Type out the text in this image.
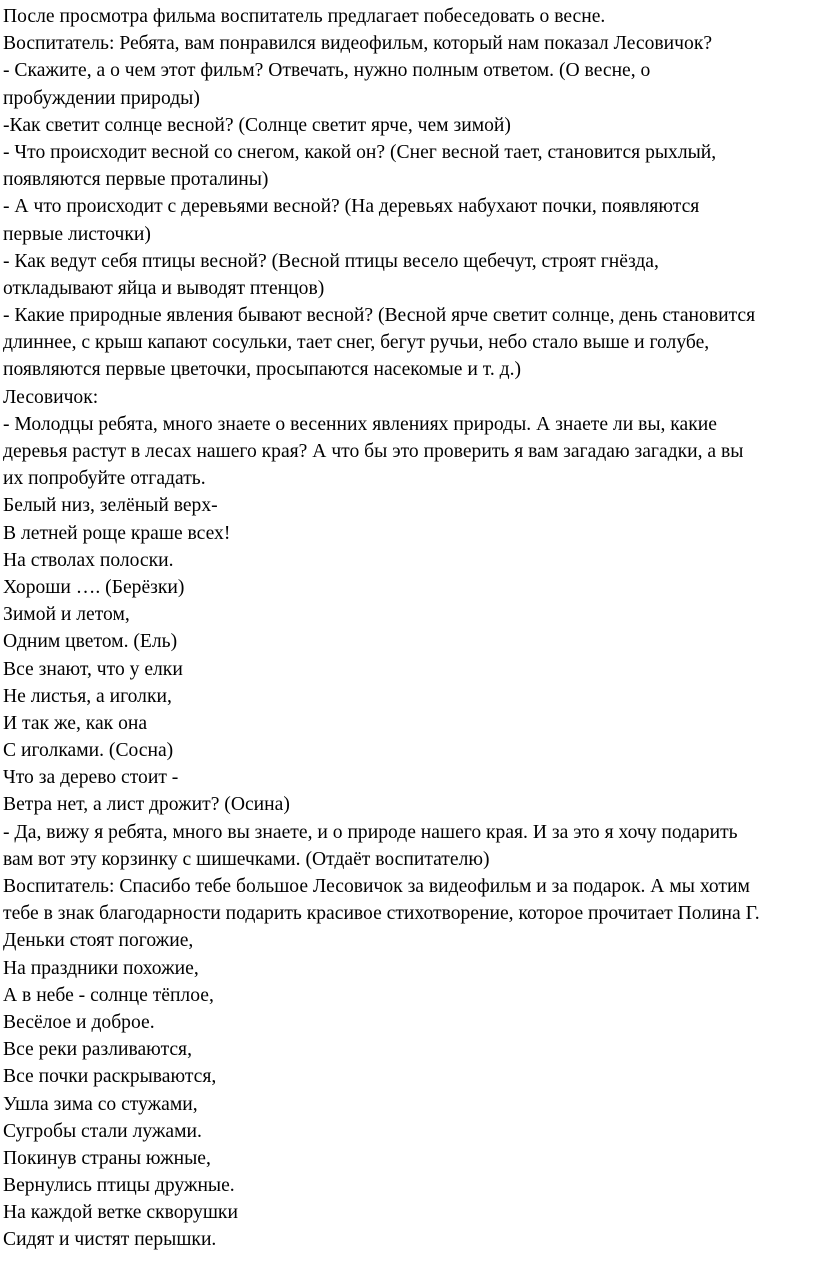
После просмотра фильма воспитатель предлагает побеседовать о весне.
Воспитатель: Ребята, вам понравился видеофильм, который нам показал Лесовичок?
- Скажите, а о чем этот фильм? Отвечать, нужно полным ответом. (О весне, о
пробуждении природы)
-Как светит солнце весной? (Солнце светит ярче, чем зимой)
- Что происходит весной со снегом, какой он? (Снег весной тает, становится рыхлый,
появляются первые проталины)
- А что происходит с деревьями весной? (На деревьях набухают почки, появляются
первые листочки)
- Как ведут себя птицы весной? (Весной птицы весело щебечут, строят гнёзда,
откладывают яйца и выводят птенцов)
- Какие природные явления бывают весной? (Весной ярче светит солнце, день становится
длиннее, с крыш капают сосульки, тает снег, бегут ручьи, небо стало выше и голубе,
появляются первые цветочки, просыпаются насекомые и т. д.)
Лесовичок:
- Молодцы ребята, много знаете о весенних явлениях природы. А знаете ли вы, какие
деревья растут в лесах нашего края? А что бы это проверить я вам загадаю загадки, а вы
их попробуйте отгадать.
Белый низ, зелёный верх-
В летней роще краше всех!
На стволах полоски.
Хороши …. (Берёзки)
Зимой и летом,
Одним цветом. (Ель)
Все знают, что у елки
Не листья, а иголки,
И так же, как она
С иголками. (Сосна)
Что за дерево стоит -
Ветра нет, а лист дрожит? (Осина)
- Да, вижу я ребята, много вы знаете, и о природе нашего края. И за это я хочу подарить
вам вот эту корзинку с шишечками. (Отдаёт воспитателю)
Воспитатель: Спасибо тебе большое Лесовичок за видеофильм и за подарок. А мы хотим
тебе в знак благодарности подарить красивое стихотворение, которое прочитает Полина Г.
Деньки стоят погожие,
На праздники похожие,
А в небе - солнце тёплое,
Весёлое и доброе.
Все реки разливаются,
Все почки раскрываются,
Ушла зима со стужами,
Сугробы стали лужами.
Покинув страны южные,
Вернулись птицы дружные.
На каждой ветке скворушки
Сидят и чистят перышки.
